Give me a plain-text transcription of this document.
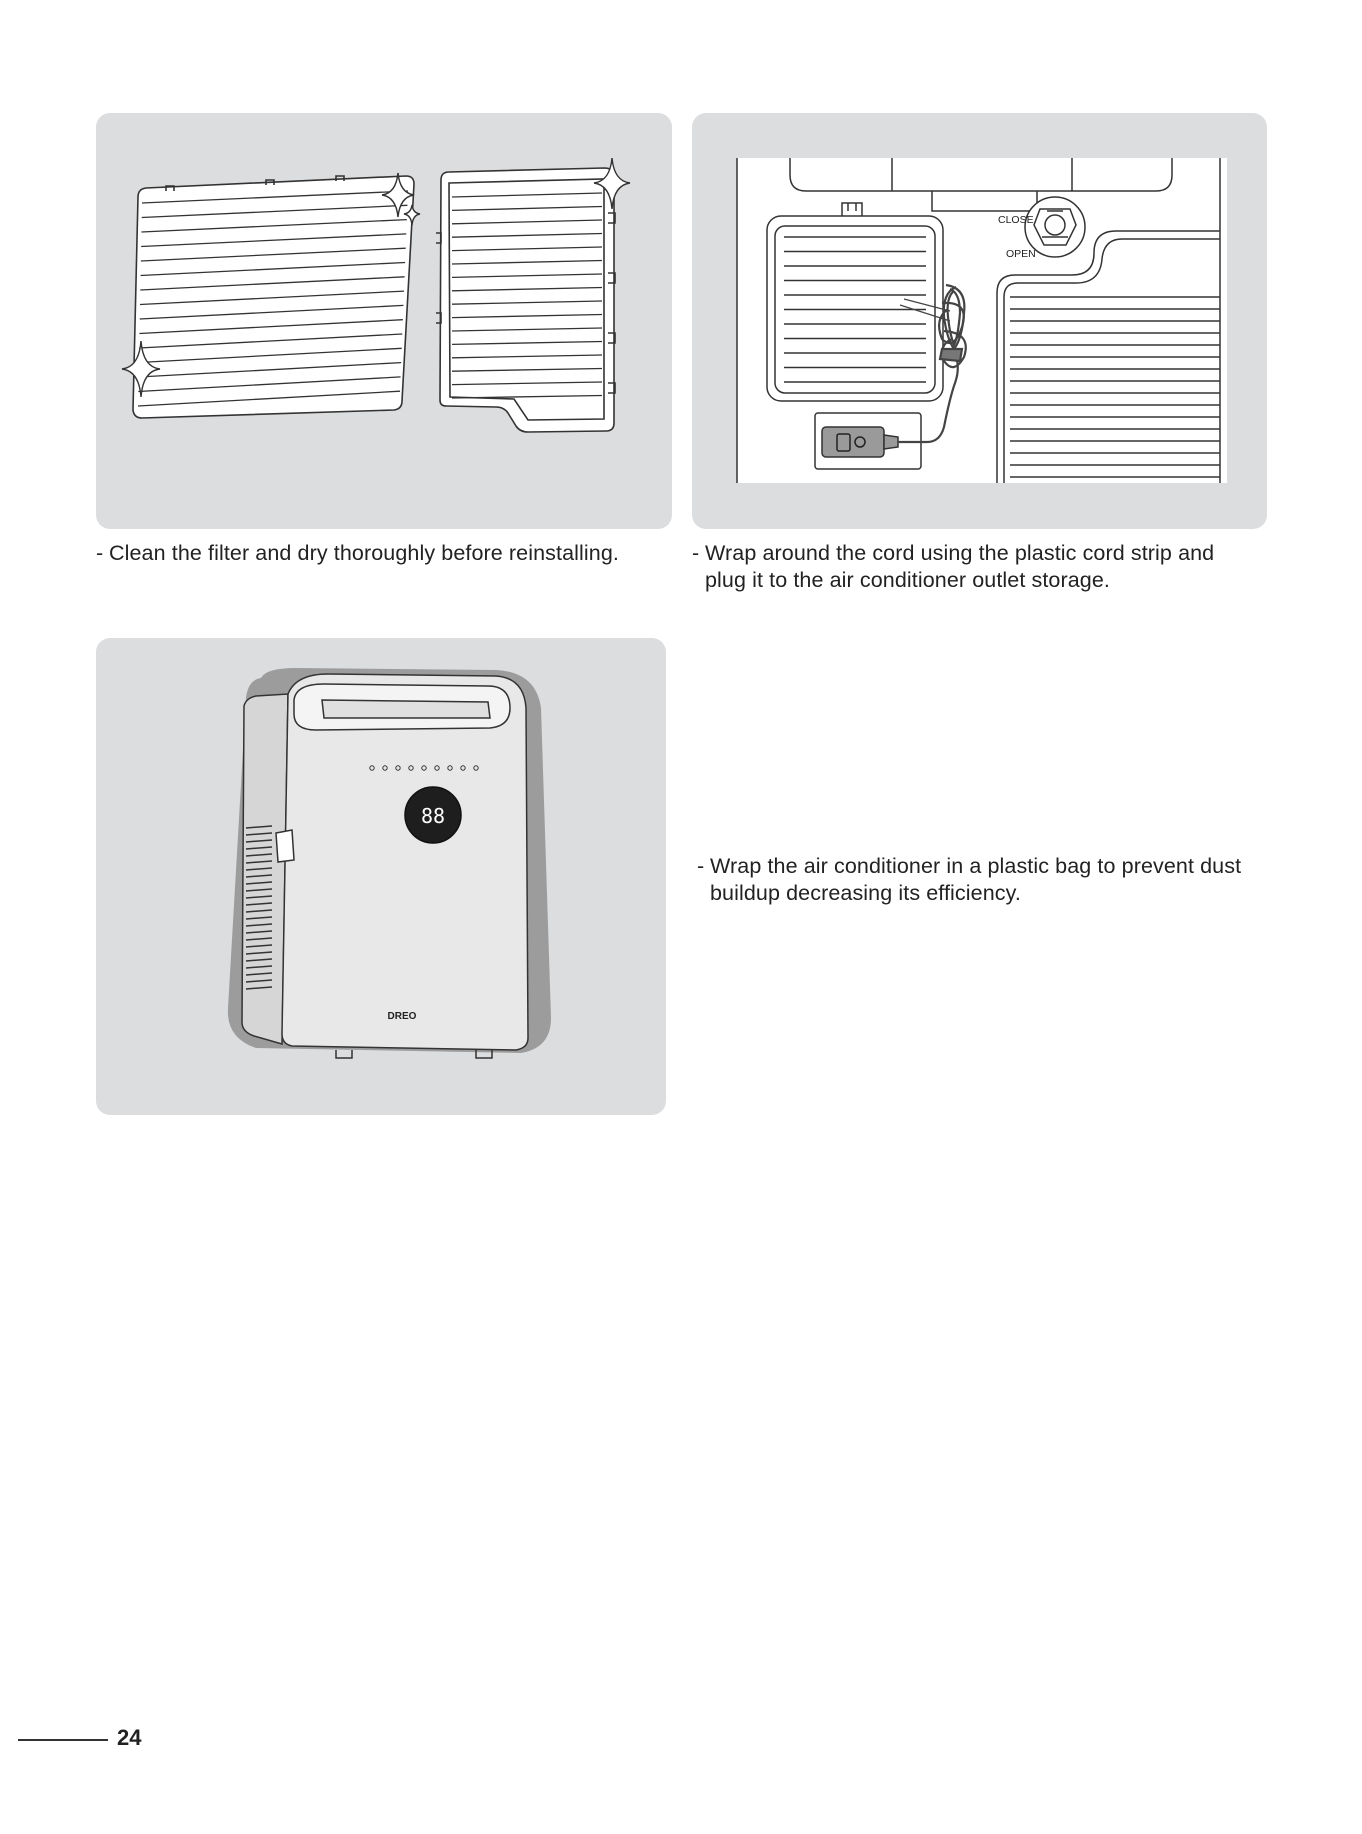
CLOSE
OPEN
88
DREO

- Clean the filter and dry thoroughly before reinstalling.	- Wrap around the cord using the plastic cord strip and
plug it to the air conditioner outlet storage.

- Wrap the air conditioner in a plastic bag to prevent dust
buildup decreasing its efficiency.

24
